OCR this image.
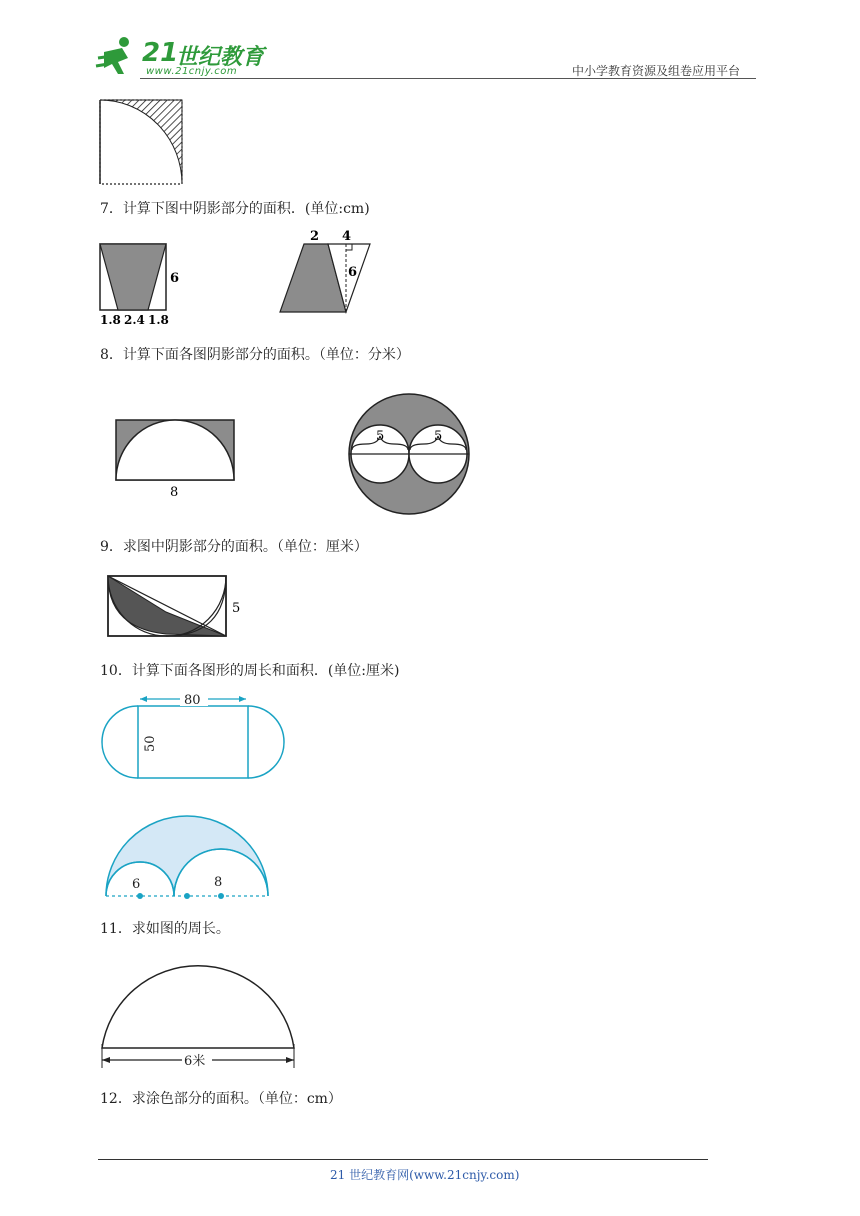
21
世纪教育
www.21cnjy.com	中小学教育资源及组卷应用平台
7．计算下图中阴影部分的面积．(单位:cm)
6
1.8 2.4 1.8
2 4
6
8．计算下面各图阴影部分的面积。（单位：分米）
8
5	5
9．求图中阴影部分的面积。（单位：厘米）
5
10．计算下面各图形的周长和面积．(单位:厘米)
80
50
6	8
11．求如图的周长。
6米
12．求涂色部分的面积。（单位：cm）
21 世纪教育网(www.21cnjy.com)
